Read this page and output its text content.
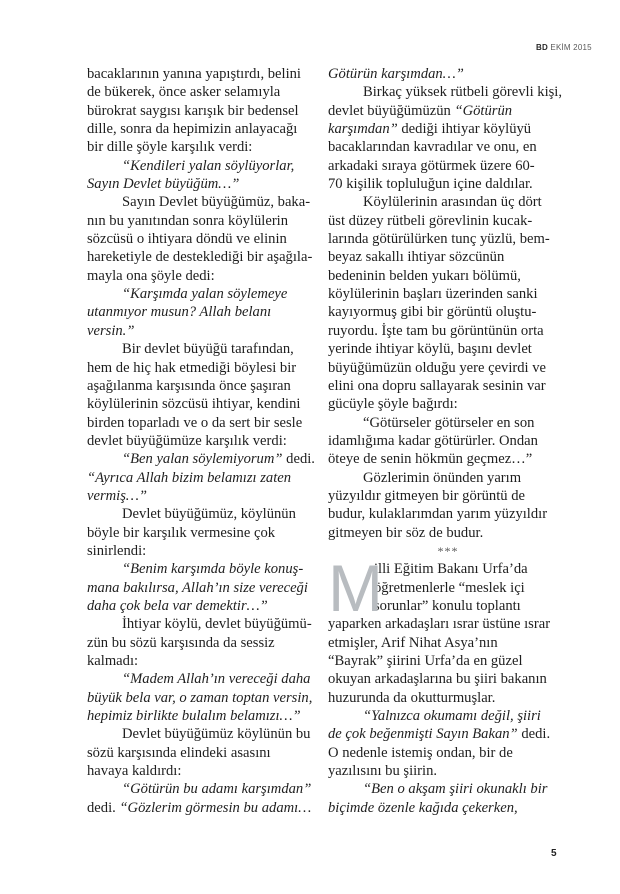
BD EKİM 2015
bacaklarının yanına yapıştırdı, belini
de bükerek, önce asker selamıyla
bürokrat saygısı karışık bir bedensel
dille, sonra da hepimizin anlayacağı
bir dille şöyle karşılık verdi:
“Kendileri yalan söylüyorlar,
Sayın Devlet büyüğüm…”
Sayın Devlet büyüğümüz, baka-
nın bu yanıtından sonra köylülerin
sözcüsü o ihtiyara döndü ve elinin
hareketiyle de desteklediği bir aşağıla-
mayla ona şöyle dedi:
“Karşımda yalan söylemeye
utanmıyor musun? Allah belanı
versin.”
Bir devlet büyüğü tarafından,
hem de hiç hak etmediği böylesi bir
aşağılanma karşısında önce şaşıran
köylülerinin sözcüsü ihtiyar, kendini
birden toparladı ve o da sert bir sesle
devlet büyüğümüze karşılık verdi:
“Ben yalan söylemiyorum” dedi.
“Ayrıca Allah bizim belamızı zaten
vermiş…”
Devlet büyüğümüz, köylünün
böyle bir karşılık vermesine çok
sinirlendi:
“Benim karşımda böyle konuş-
mana bakılırsa, Allah’ın size vereceği
daha çok bela var demektir…”
İhtiyar köylü, devlet büyüğümü-
zün bu sözü karşısında da sessiz
kalmadı:
“Madem Allah’ın vereceği daha
büyük bela var, o zaman toptan versin,
hepimiz birlikte bulalım belamızı…”
Devlet büyüğümüz köylünün bu
sözü karşısında elindeki asasını
havaya kaldırdı:
“Götürün bu adamı karşımdan”
dedi. “Gözlerim görmesin bu adamı…
Götürün karşımdan…”
Birkaç yüksek rütbeli görevli kişi,
devlet büyüğümüzün “Götürün
karşımdan” dediği ihtiyar köylüyü
bacaklarından kavradılar ve onu, en
arkadaki sıraya götürmek üzere 60-
70 kişilik topluluğun içine daldılar.
Köylülerinin arasından üç dört
üst düzey rütbeli görevlinin kucak-
larında götürülürken tunç yüzlü, bem-
beyaz sakallı ihtiyar sözcünün
bedeninin belden yukarı bölümü,
köylülerinin başları üzerinden sanki
kayıyormuş gibi bir görüntü oluştu-
ruyordu. İşte tam bu görüntünün orta
yerinde ihtiyar köylü, başını devlet
büyüğümüzün olduğu yere çevirdi ve
elini ona dopru sallayarak sesinin var
gücüyle şöyle bağırdı:
“Götürseler götürseler en son
idamlığıma kadar götürürler. Ondan
öteye de senin hökmün geçmez…”
Gözlerimin önünden yarım
yüzyıldır gitmeyen bir görüntü de
budur, kulaklarımdan yarım yüzyıldır
gitmeyen bir söz de budur.
***
M
illi Eğitim Bakanı Urfa’da
öğretmenlerle “meslek içi
sorunlar” konulu toplantı
yaparken arkadaşları ısrar üstüne ısrar
etmişler, Arif Nihat Asya’nın
“Bayrak” şiirini Urfa’da en güzel
okuyan arkadaşlarına bu şiiri bakanın
huzurunda da okutturmuşlar.
“Yalnızca okumamı değil, şiiri
de çok beğenmişti Sayın Bakan” dedi.
O nedenle istemiş ondan, bir de
yazılısını bu şiirin.
“Ben o akşam şiiri okunaklı bir
biçimde özenle kağıda çekerken,
5
